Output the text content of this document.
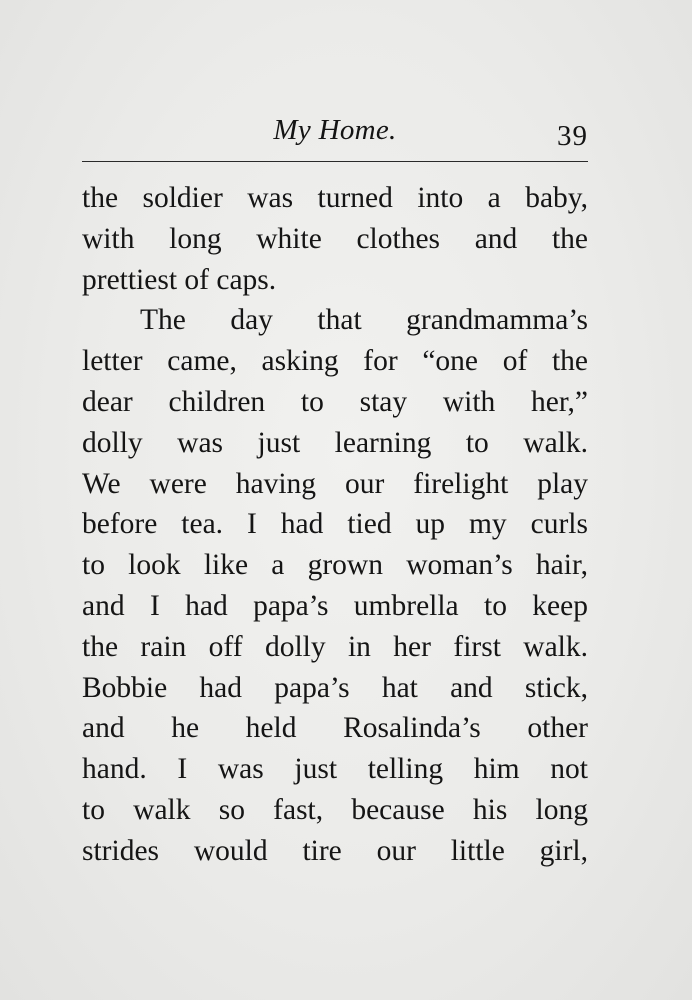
My Home.	39
the soldier was turned into a baby,
with long white clothes and the
prettiest of caps.
The day that grandmamma’s
letter came, asking for “one of the
dear children to stay with her,”
dolly was just learning to walk.
We were having our firelight play
before tea. I had tied up my curls
to look like a grown woman’s hair,
and I had papa’s umbrella to keep
the rain off dolly in her first walk.
Bobbie had papa’s hat and stick,
and he held Rosalinda’s other
hand. I was just telling him not
to walk so fast, because his long
strides would tire our little girl,
